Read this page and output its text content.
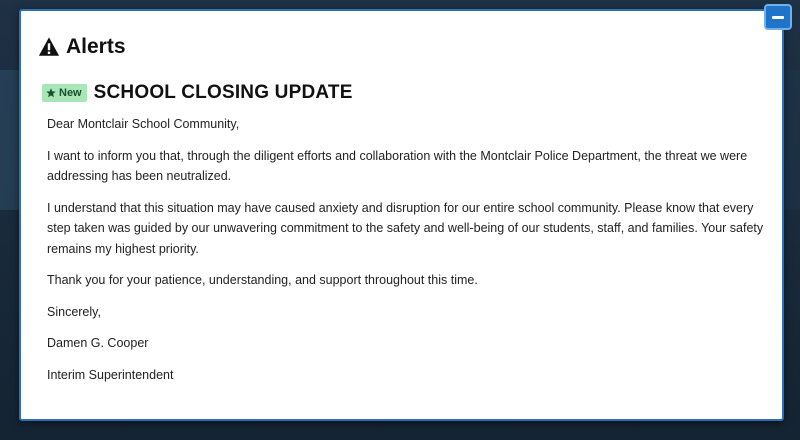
Alerts
New SCHOOL CLOSING UPDATE

Dear Montclair School Community,

I want to inform you that, through the diligent efforts and collaboration with the Montclair Police Department, the threat we were addressing has been neutralized.

I understand that this situation may have caused anxiety and disruption for our entire school community. Please know that every step taken was guided by our unwavering commitment to the safety and well-being of our students, staff, and families. Your safety remains my highest priority.

Thank you for your patience, understanding, and support throughout this time.

Sincerely,

Damen G. Cooper

Interim Superintendent
